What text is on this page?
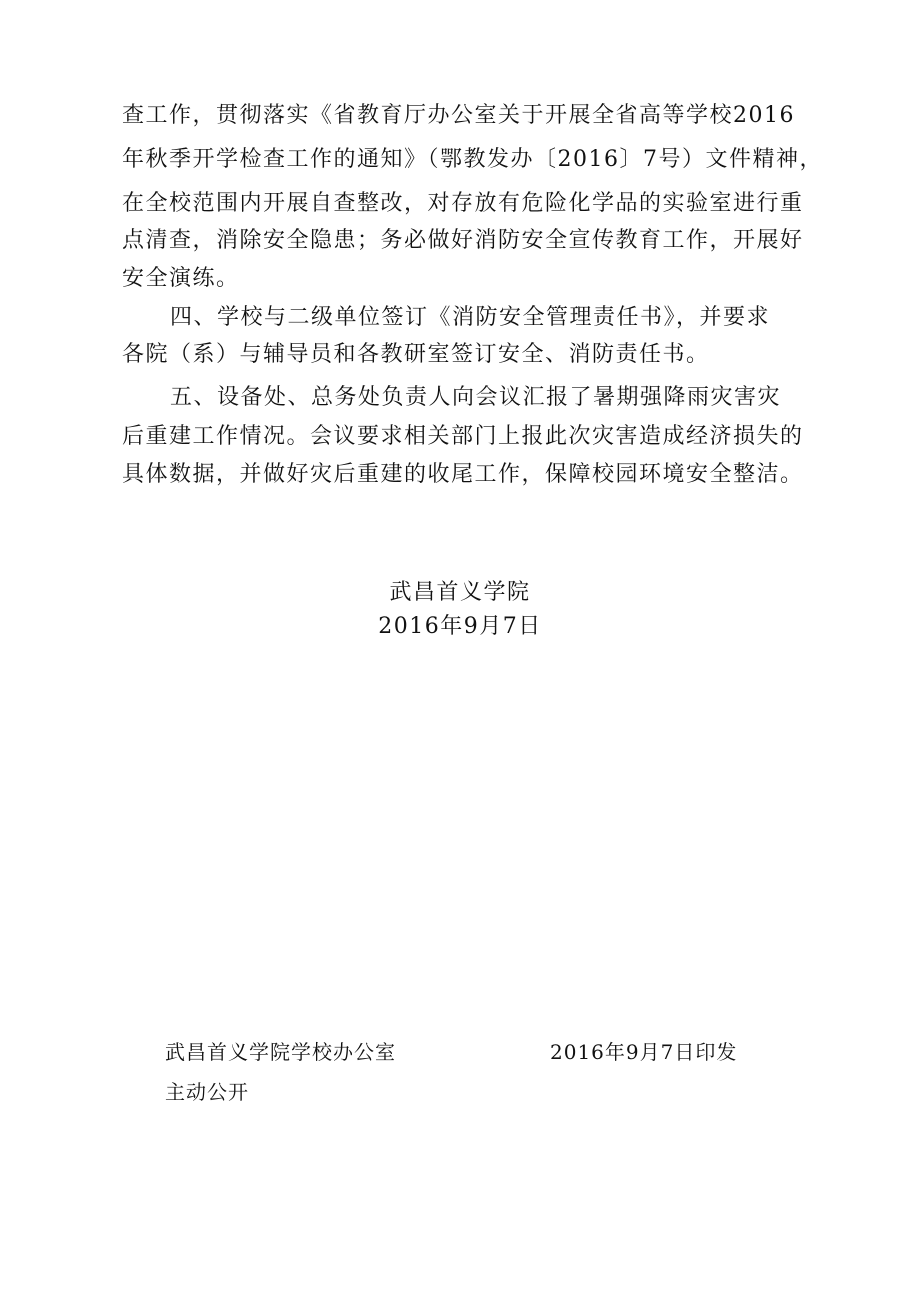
查工作，贯彻落实《省教育厅办公室关于开展全省高等学校2016
年秋季开学检查工作的通知》（鄂教发办〔2016〕7号）文件精神，
在全校范围内开展自查整改，对存放有危险化学品的实验室进行重
点清查，消除安全隐患；务必做好消防安全宣传教育工作，开展好
安全演练。
四、学校与二级单位签订《消防安全管理责任书》，并要求
各院（系）与辅导员和各教研室签订安全、消防责任书。
五、设备处、总务处负责人向会议汇报了暑期强降雨灾害灾
后重建工作情况。会议要求相关部门上报此次灾害造成经济损失的
具体数据，并做好灾后重建的收尾工作，保障校园环境安全整洁。
武昌首义学院
2016年9月7日
武昌首义学院学校办公室	2016年9月7日印发
主动公开
